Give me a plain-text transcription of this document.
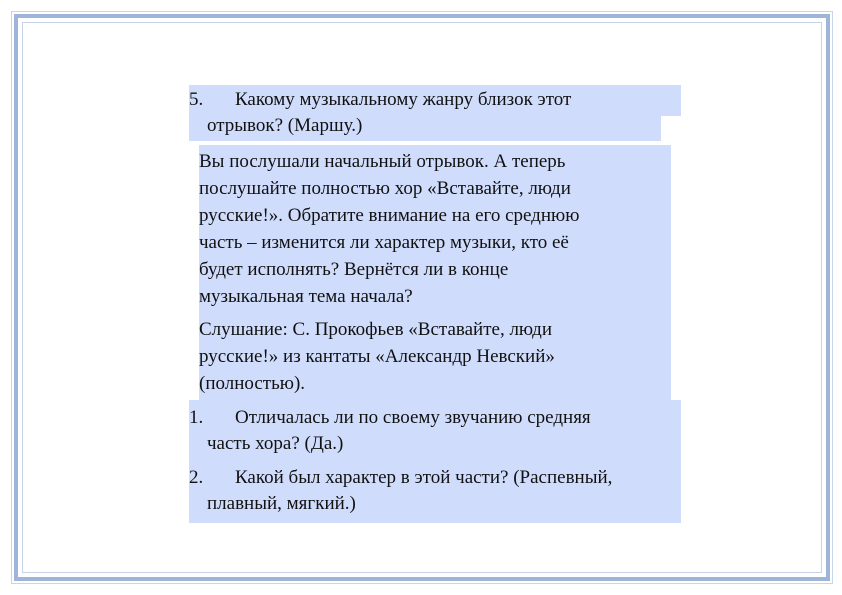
5.	Какому музыкальному жанру близок этот
отрывок? (Маршу.)
Вы послушали начальный отрывок. А теперь
послушайте полностью хор «Вставайте, люди
русские!». Обратите внимание на его среднюю
часть – изменится ли характер музыки, кто её
будет исполнять? Вернётся ли в конце
музыкальная тема начала?
Слушание: С. Прокофьев «Вставайте, люди
русские!» из кантаты «Александр Невский»
(полностью).
1.	Отличалась ли по своему звучанию средняя
часть хора? (Да.)
2.	Какой был характер в этой части? (Распевный,
плавный, мягкий.)
